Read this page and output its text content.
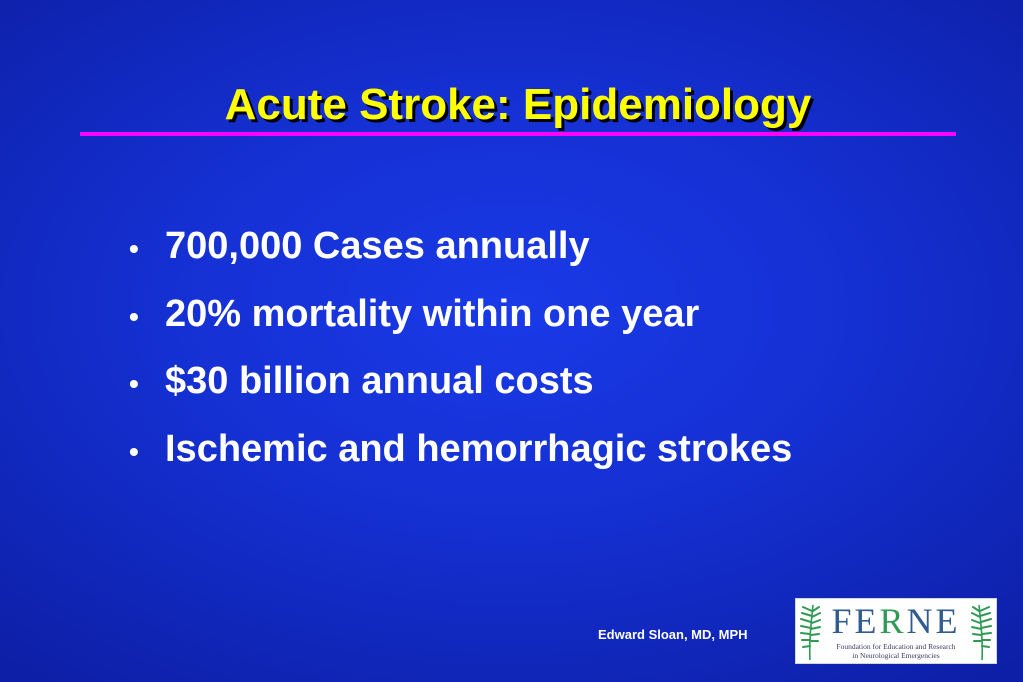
Acute Stroke: Epidemiology
• 700,000 Cases annually
• 20% mortality within one year
• $30 billion annual costs
• Ischemic and hemorrhagic strokes
Edward Sloan, MD, MPH FERNE
Foundation for Education and Research
in Neurological Emergencies
